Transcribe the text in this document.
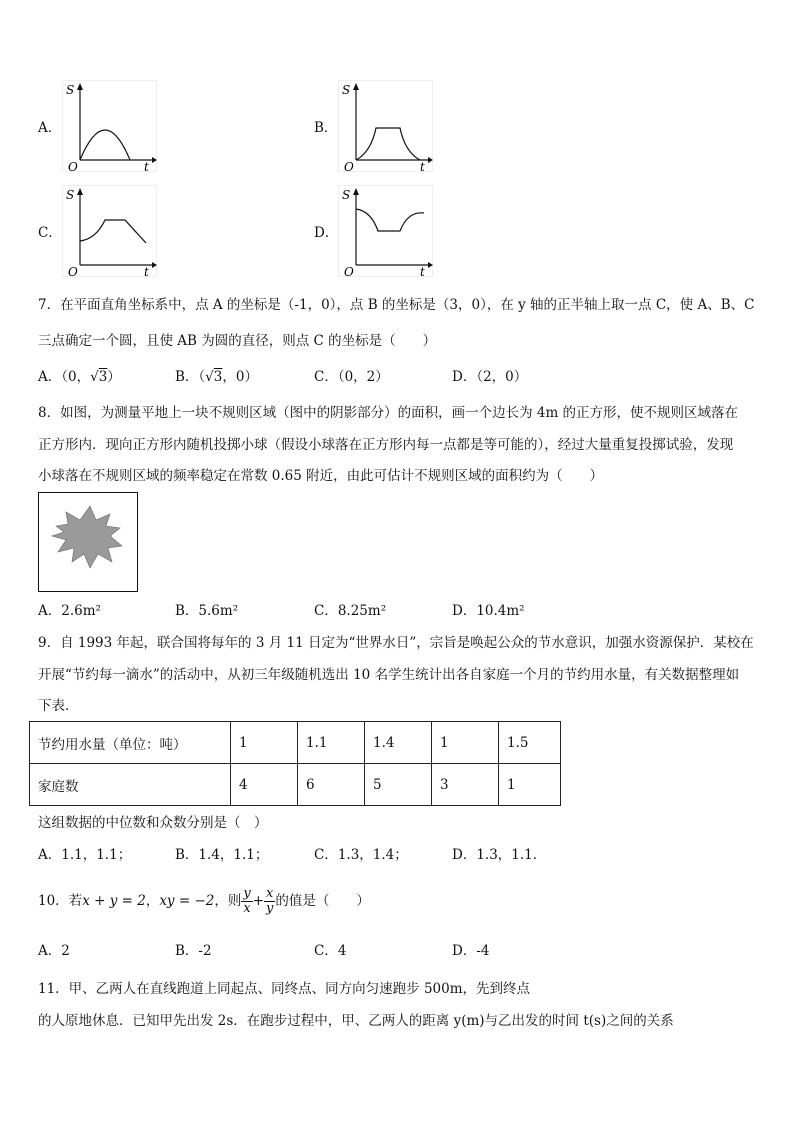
A．
S
O	t
B．
S
O	t
C．
S
O	t
D．
S
O	t
7．在平面直角坐标系中，点 A 的坐标是（-1，0），点 B 的坐标是（3，0），在 y 轴的正半轴上取一点 C，使 A、B、C
三点确定一个圆，且使 AB 为圆的直径，则点 C 的坐标是（　　）
A．（0，√3）	B．（√3，0）	C．（0，2）	D．（2，0）
8．如图，为测量平地上一块不规则区域（图中的阴影部分）的面积，画一个边长为 4m 的正方形，使不规则区域落在
正方形内．现向正方形内随机投掷小球（假设小球落在正方形内每一点都是等可能的），经过大量重复投掷试验，发现
小球落在不规则区域的频率稳定在常数 0.65 附近，由此可估计不规则区域的面积约为（　　）
A．2.6m²	B．5.6m²	C．8.25m²	D．10.4m²
9．自 1993 年起，联合国将每年的 3 月 11 日定为“世界水日”，宗旨是唤起公众的节水意识，加强水资源保护．某校在
开展“节约每一滴水”的活动中，从初三年级随机选出 10 名学生统计出各自家庭一个月的节约用水量，有关数据整理如
下表．
节约用水量（单位：吨）	1	1.1	1.4	1	1.5
家庭数	4	6	5	3	1
这组数据的中位数和众数分别是（　）
A．1.1，1.1；	B．1.4，1.1；	C．1.3，1.4；	D．1.3，1.1．
10．若x + y = 2，xy = −2，则 $\frac{y}{x} + \frac{x}{y}$ 的值是（　　）
A．2	B．-2	C．4	D．-4
11．甲、乙两人在直线跑道上同起点、同终点、同方向匀速跑步 500m，先到终点
的人原地休息．已知甲先出发 2s．在跑步过程中，甲、乙两人的距离 y(m)与乙出发的时间 t(s)之间的关系
